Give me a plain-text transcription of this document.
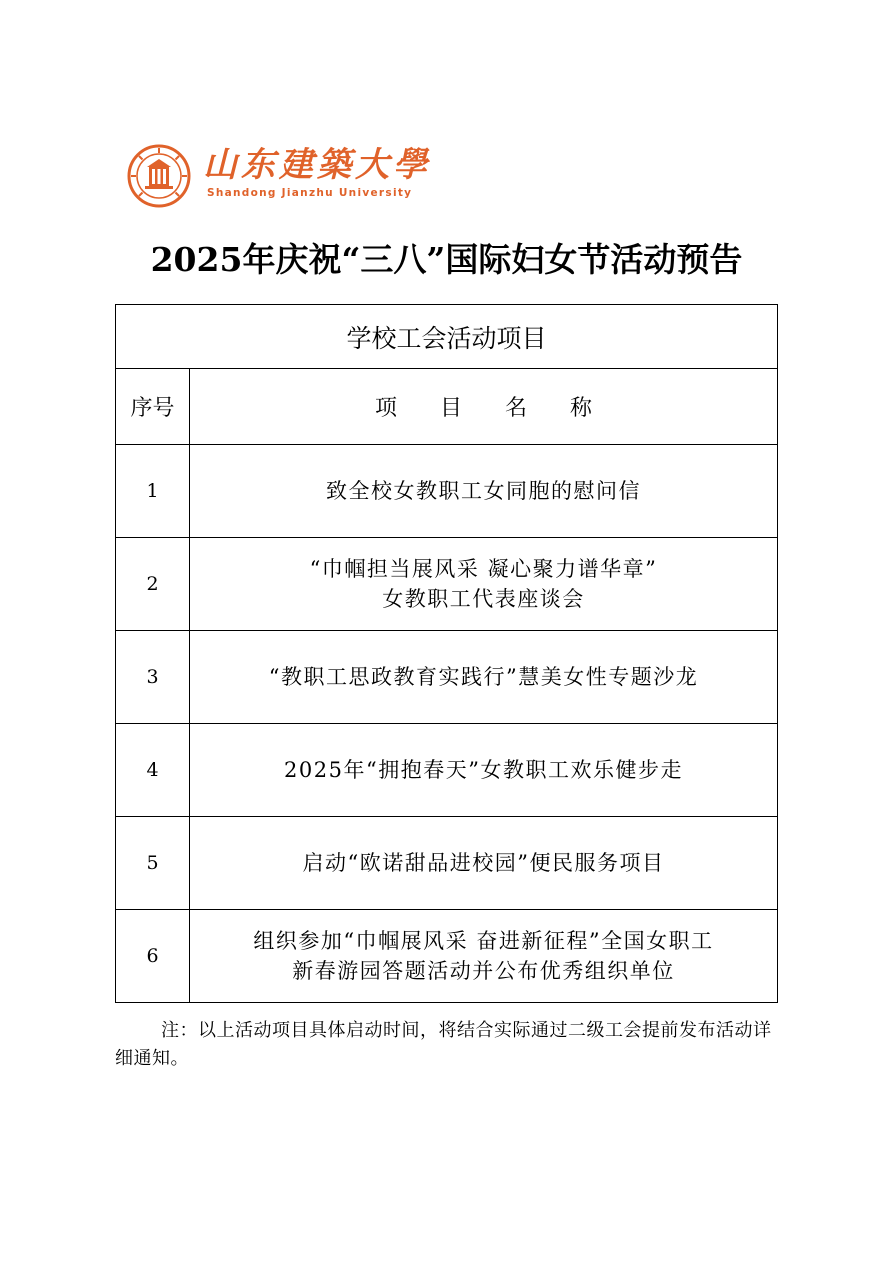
山东建築大學
Shandong Jianzhu University
2025年庆祝“三八”国际妇女节活动预告
学校工会活动项目	
序号	项 目 名 称
1	致全校女教职工女同胞的慰问信

2	“巾帼担当展风采 凝心聚力谱华章”
女教职工代表座谈会

3	“教职工思政教育实践行”慧美女性专题沙龙

4	2025年“拥抱春天”女教职工欢乐健步走

5	启动“欧诺甜品进校园”便民服务项目

6	组织参加“巾帼展风采 奋进新征程”全国女职工
新春游园答题活动并公布优秀组织单位
注：以上活动项目具体启动时间，将结合实际通过二级工会提前发布活动详细通知。
